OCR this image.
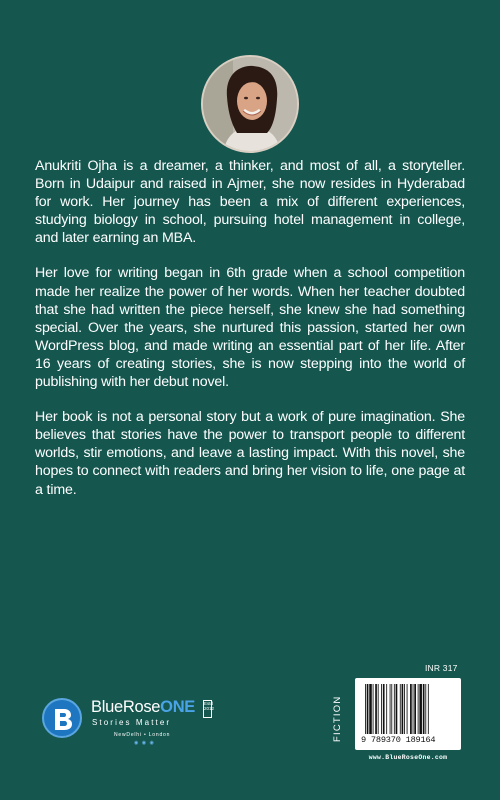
Anukriti Ojha is a dreamer, a thinker, and most of all, a storyteller. Born in Udaipur and raised in Ajmer, she now resides in Hyderabad for work. Her journey has been a mix of different experiences, studying biology in school, pursuing hotel management in college, and later earning an MBA.

Her love for writing began in 6th grade when a school competition made her realize the power of her words. When her teacher doubted that she had written the piece herself, she knew she had something special. Over the years, she nurtured this passion, started her own WordPress blog, and made writing an essential part of her life. After 16 years of creating stories, she is now stepping into the world of publishing with her debut novel.

Her book is not a personal story but a work of pure imagination. She believes that stories have the power to transport people to different worlds, stir emotions, and leave a lasting impact. With this novel, she hopes to connect with readers and bring her vision to life, one page at a time.

BlueRoseONE Estd 2012
Stories Matter
NewDelhi • London
◉ ◉ ◉
INR 317
FICTION 9 789370 189164
www.BlueRoseOne.com
